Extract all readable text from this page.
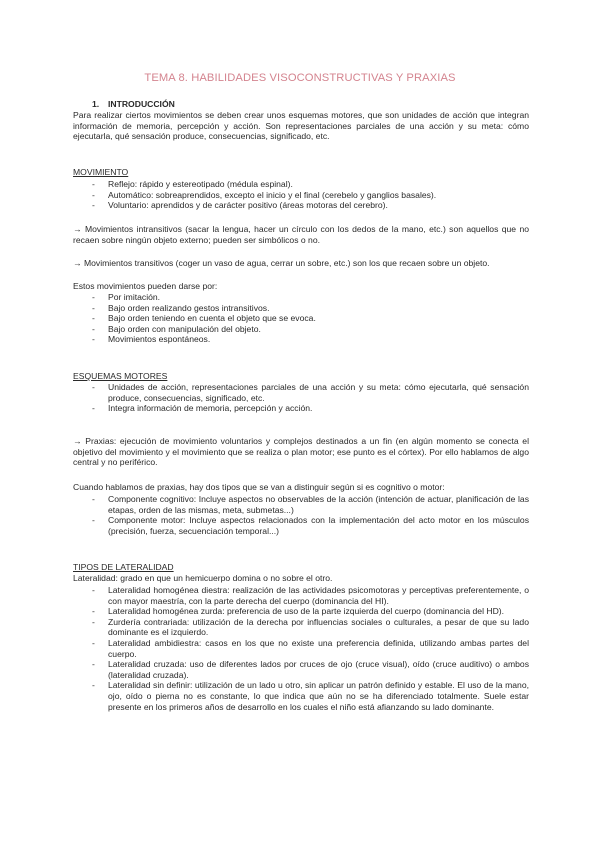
TEMA 8. HABILIDADES VISOCONSTRUCTIVAS Y PRAXIAS
1. INTRODUCCIÓN
Para realizar ciertos movimientos se deben crear unos esquemas motores, que son unidades de acción que integran información de memoria, percepción y acción. Son representaciones parciales de una acción y su meta: cómo ejecutarla, qué sensación produce, consecuencias, significado, etc.
MOVIMIENTO
- Reflejo: rápido y estereotipado (médula espinal).
- Automático: sobreaprendidos, excepto el inicio y el final (cerebelo y ganglios basales).
- Voluntario: aprendidos y de carácter positivo (áreas motoras del cerebro).
→ Movimientos intransitivos (sacar la lengua, hacer un círculo con los dedos de la mano, etc.) son aquellos que no recaen sobre ningún objeto externo; pueden ser simbólicos o no.
→ Movimientos transitivos (coger un vaso de agua, cerrar un sobre, etc.) son los que recaen sobre un objeto.
Estos movimientos pueden darse por:
- Por imitación.
- Bajo orden realizando gestos intransitivos.
- Bajo orden teniendo en cuenta el objeto que se evoca.
- Bajo orden con manipulación del objeto.
- Movimientos espontáneos.
ESQUEMAS MOTORES
- Unidades de acción, representaciones parciales de una acción y su meta: cómo ejecutarla, qué sensación produce, consecuencias, significado, etc.
- Integra información de memoria, percepción y acción.
→ Praxias: ejecución de movimiento voluntarios y complejos destinados a un fin (en algún momento se conecta el objetivo del movimiento y el movimiento que se realiza o plan motor; ese punto es el córtex). Por ello hablamos de algo central y no periférico.
Cuando hablamos de praxias, hay dos tipos que se van a distinguir según si es cognitivo o motor:
- Componente cognitivo: Incluye aspectos no observables de la acción (intención de actuar, planificación de las etapas, orden de las mismas, meta, submetas...)
- Componente motor: Incluye aspectos relacionados con la implementación del acto motor en los músculos (precisión, fuerza, secuenciación temporal...)
TIPOS DE LATERALIDAD
Lateralidad: grado en que un hemicuerpo domina o no sobre el otro.
- Lateralidad homogénea diestra: realización de las actividades psicomotoras y perceptivas preferentemente, o con mayor maestría, con la parte derecha del cuerpo (dominancia del HI).
- Lateralidad homogénea zurda: preferencia de uso de la parte izquierda del cuerpo (dominancia del HD).
- Zurdería contrariada: utilización de la derecha por influencias sociales o culturales, a pesar de que su lado dominante es el izquierdo.
- Lateralidad ambidiestra: casos en los que no existe una preferencia definida, utilizando ambas partes del cuerpo.
- Lateralidad cruzada: uso de diferentes lados por cruces de ojo (cruce visual), oído (cruce auditivo) o ambos (lateralidad cruzada).
- Lateralidad sin definir: utilización de un lado u otro, sin aplicar un patrón definido y estable. El uso de la mano, ojo, oído o pierna no es constante, lo que indica que aún no se ha diferenciado totalmente. Suele estar presente en los primeros años de desarrollo en los cuales el niño está afianzando su lado dominante.
